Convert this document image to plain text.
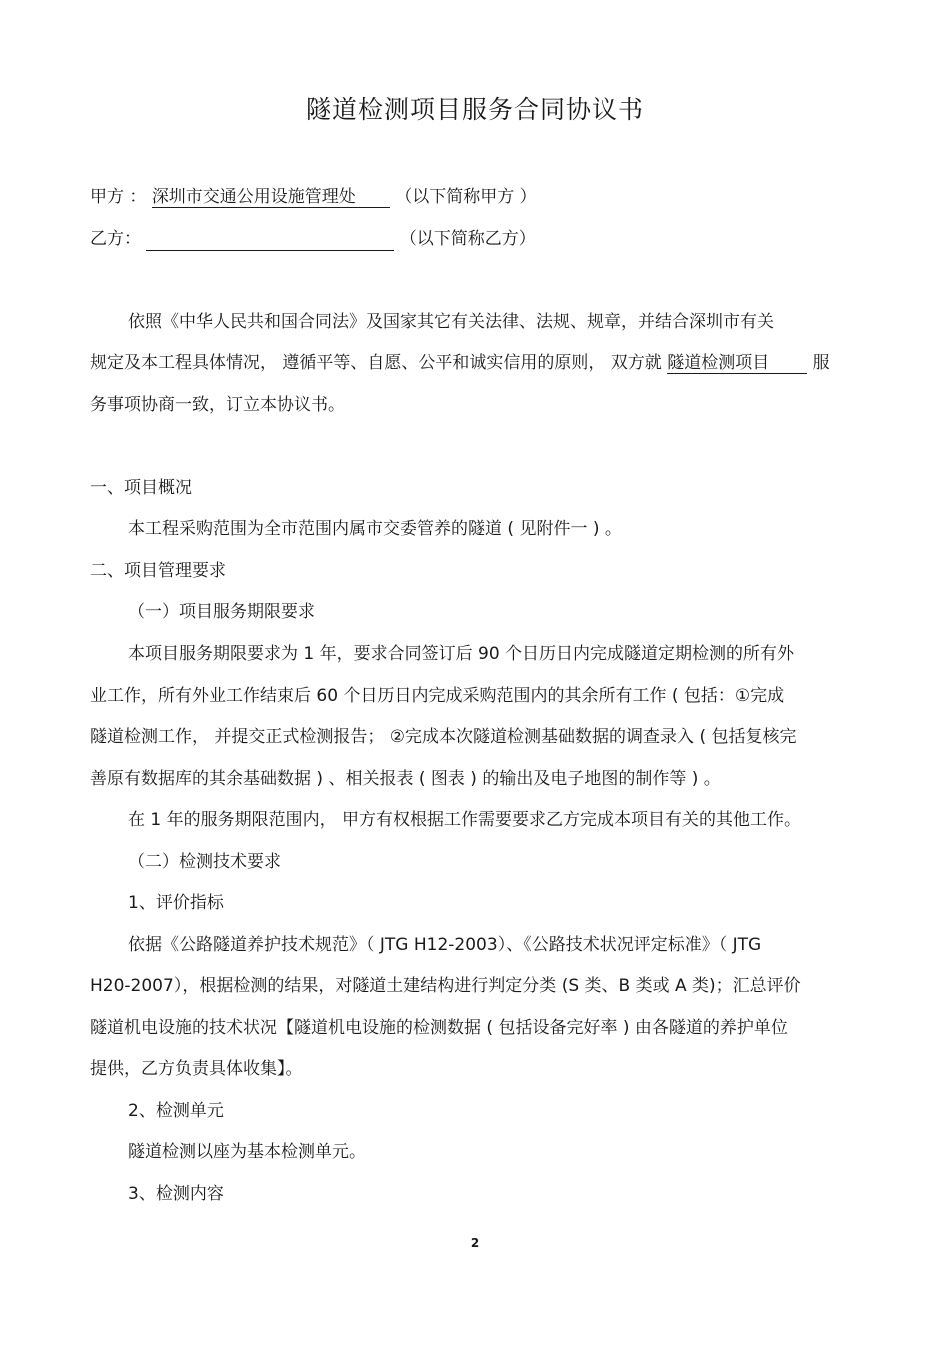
隧道检测项目服务合同协议书
甲方 ： 深圳市交通公用设施管理处 （以下简称甲方 ）
乙方：	（以下简称乙方）
依照《中华人民共和国合同法》及国家其它有关法律、法规、规章，并结合深圳市有关
规定及本工程具体情况， 遵循平等、自愿、公平和诚实信用的原则， 双方就 隧道检测项目	服
务事项协商一致，订立本协议书。
一、项目概况
本工程采购范围为全市范围内属市交委管养的隧道 ( 见附件一 ) 。
二、项目管理要求
（一）项目服务期限要求
本项目服务期限要求为 1 年，要求合同签订后 90 个日历日内完成隧道定期检测的所有外
业工作，所有外业工作结束后 60 个日历日内完成采购范围内的其余所有工作 ( 包括：①完成
隧道检测工作， 并提交正式检测报告； ②完成本次隧道检测基础数据的调查录入 ( 包括复核完
善原有数据库的其余基础数据 ) 、相关报表 ( 图表 ) 的输出及电子地图的制作等 ) 。
在 1 年的服务期限范围内， 甲方有权根据工作需要要求乙方完成本项目有关的其他工作。
（二）检测技术要求
1、评价指标
依据《公路隧道养护技术规范》（ JTG H12-2003）、《公路技术状况评定标准》（ JTG
H20-2007），根据检测的结果，对隧道土建结构进行判定分类 (S 类、B 类或 A 类)；汇总评价
隧道机电设施的技术状况【隧道机电设施的检测数据 ( 包括设备完好率 ) 由各隧道的养护单位
提供，乙方负责具体收集】。
2、检测单元
隧道检测以座为基本检测单元。
3、检测内容
2
